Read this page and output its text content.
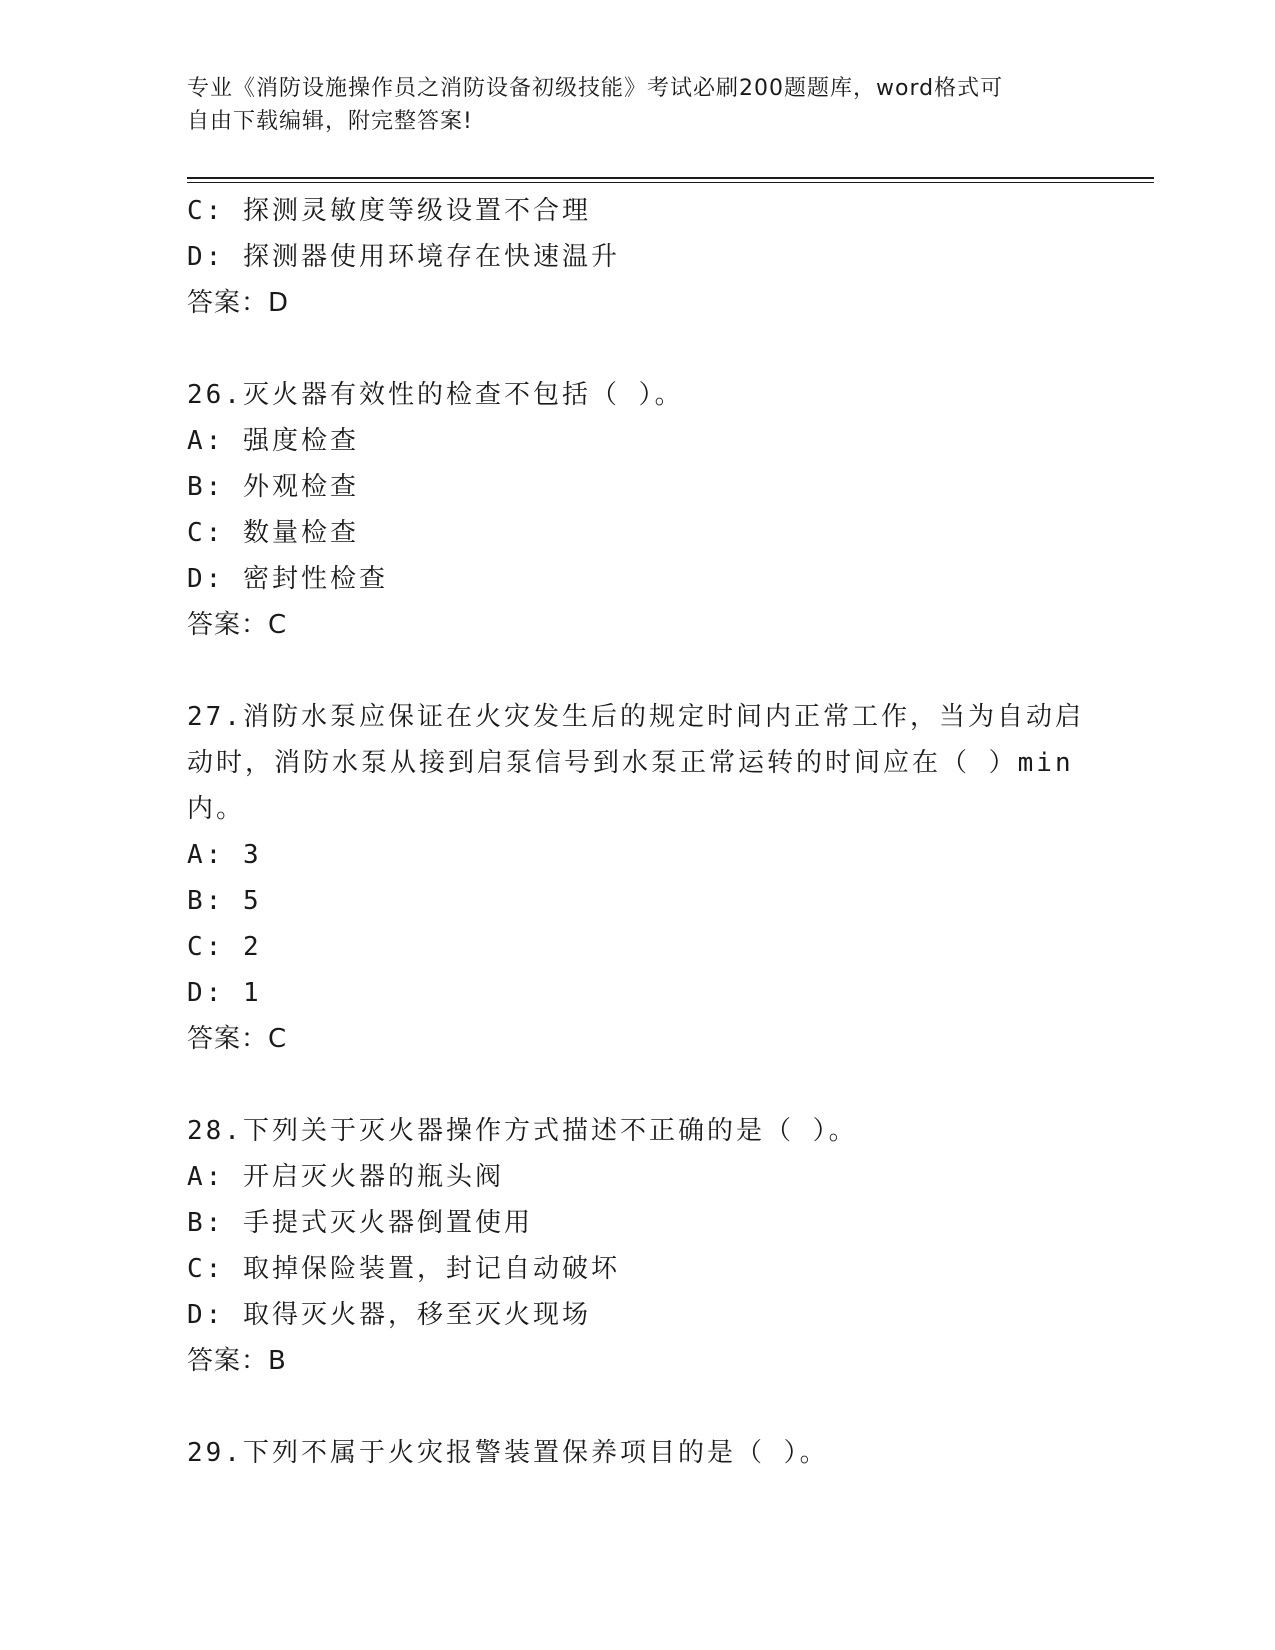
专业《消防设施操作员之消防设备初级技能》考试必刷200题题库，word格式可
自由下载编辑，附完整答案!
C: 探测灵敏度等级设置不合理
D: 探测器使用环境存在快速温升
答案：D
26.灭火器有效性的检查不包括（ ）。
A: 强度检查
B: 外观检查
C: 数量检查
D: 密封性检查
答案：C
27.消防水泵应保证在火灾发生后的规定时间内正常工作，当为自动启
动时，消防水泵从接到启泵信号到水泵正常运转的时间应在（ ）min
内。
A: 3
B: 5
C: 2
D: 1
答案：C
28.下列关于灭火器操作方式描述不正确的是（ ）。
A: 开启灭火器的瓶头阀
B: 手提式灭火器倒置使用
C: 取掉保险装置，封记自动破坏
D: 取得灭火器，移至灭火现场
答案：B
29.下列不属于火灾报警装置保养项目的是（ ）。
